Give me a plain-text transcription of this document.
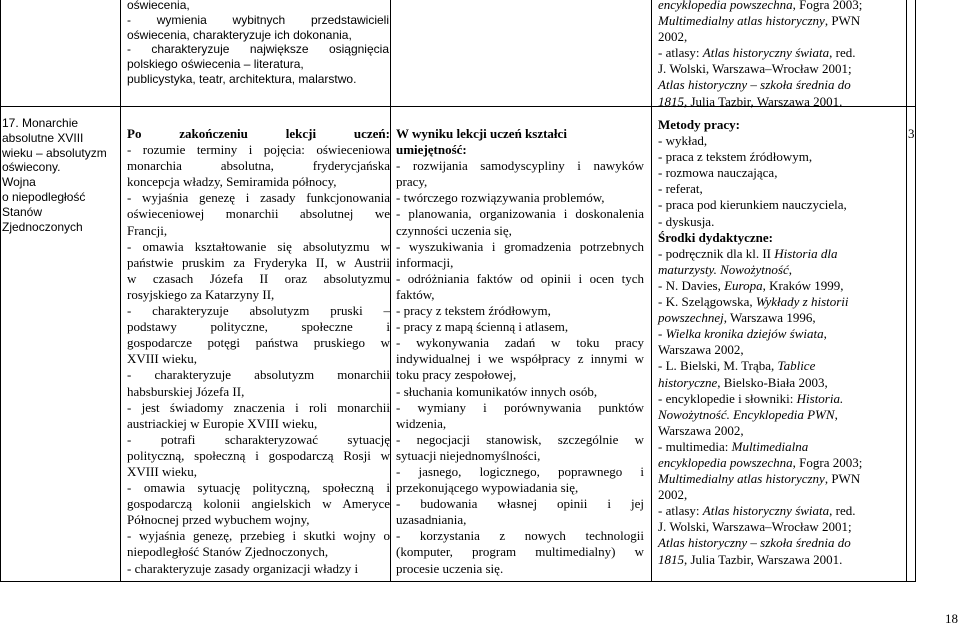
oświecenia,
- wymienia wybitnych przedstawicieli
oświecenia, charakteryzuje ich dokonania,
- charakteryzuje największe osiągnięcia
polskiego oświecenia – literatura,
publicystyka, teatr, architektura, malarstwo.
17. Monarchie
absolutne XVIII
wieku – absolutyzm
oświecony.
Wojna
o niepodległość
Stanów
Zjednoczonych
Po zakończeniu lekcji uczeń:
- rozumie terminy i pojęcia: oświeceniowa
monarchia absolutna, fryderycjańska
koncepcja władzy, Semiramida północy,
- wyjaśnia genezę i zasady funkcjonowania
oświeceniowej monarchii absolutnej we
Francji,
- omawia kształtowanie się absolutyzmu w
państwie pruskim za Fryderyka II, w Austrii
w czasach Józefa II oraz absolutyzmu
rosyjskiego za Katarzyny II,
- charakteryzuje absolutyzm pruski –
podstawy polityczne, społeczne i
gospodarcze potęgi państwa pruskiego w
XVIII wieku,
- charakteryzuje absolutyzm monarchii
habsburskiej Józefa II,
- jest świadomy znaczenia i roli monarchii
austriackiej w Europie XVIII wieku,
- potrafi scharakteryzować sytuację
polityczną, społeczną i gospodarczą Rosji w
XVIII wieku,
- omawia sytuację polityczną, społeczną i
gospodarczą kolonii angielskich w Ameryce
Północnej przed wybuchem wojny,
- wyjaśnia genezę, przebieg i skutki wojny o
niepodległość Stanów Zjednoczonych,
- charakteryzuje zasady organizacji władzy i
W wyniku lekcji uczeń kształci
umiejętność:
- rozwijania samodyscypliny i nawyków
pracy,
- twórczego rozwiązywania problemów,
- planowania, organizowania i doskonalenia
czynności uczenia się,
- wyszukiwania i gromadzenia potrzebnych
informacji,
- odróżniania faktów od opinii i ocen tych
faktów,
- pracy z tekstem źródłowym,
- pracy z mapą ścienną i atlasem,
- wykonywania zadań w toku pracy
indywidualnej i we współpracy z innymi w
toku pracy zespołowej,
- słuchania komunikatów innych osób,
- wymiany i porównywania punktów
widzenia,
- negocjacji stanowisk, szczególnie w
sytuacji niejednomyślności,
- jasnego, logicznego, poprawnego i
przekonującego wypowiadania się,
- budowania własnej opinii i jej
uzasadniania,
- korzystania z nowych technologii
(komputer, program multimedialny) w
procesie uczenia się.
encyklopedia powszechna, Fogra 2003;
Multimedialny atlas historyczny, PWN
2002,
- atlasy: Atlas historyczny świata, red.
J. Wolski, Warszawa–Wrocław 2001;
Atlas historyczny – szkoła średnia do
1815, Julia Tazbir, Warszawa 2001.
Metody pracy:
- wykład,
- praca z tekstem źródłowym,
- rozmowa nauczająca,
- referat,
- praca pod kierunkiem nauczyciela,
- dyskusja.
Środki dydaktyczne:
- podręcznik dla kl. II Historia dla
maturzysty. Nowożytność,
- N. Davies, Europa, Kraków 1999,
- K. Szelągowska, Wykłady z historii
powszechnej, Warszawa 1996,
- Wielka kronika dziejów świata,
Warszawa 2002,
- L. Bielski, M. Trąba, Tablice
historyczne, Bielsko-Biała 2003,
- encyklopedie i słowniki: Historia.
Nowożytność. Encyklopedia PWN,
Warszawa 2002,
- multimedia: Multimedialna
encyklopedia powszechna, Fogra 2003;
Multimedialny atlas historyczny, PWN
2002,
- atlasy: Atlas historyczny świata, red.
J. Wolski, Warszawa–Wrocław 2001;
Atlas historyczny – szkoła średnia do
1815, Julia Tazbir, Warszawa 2001.
3
18
